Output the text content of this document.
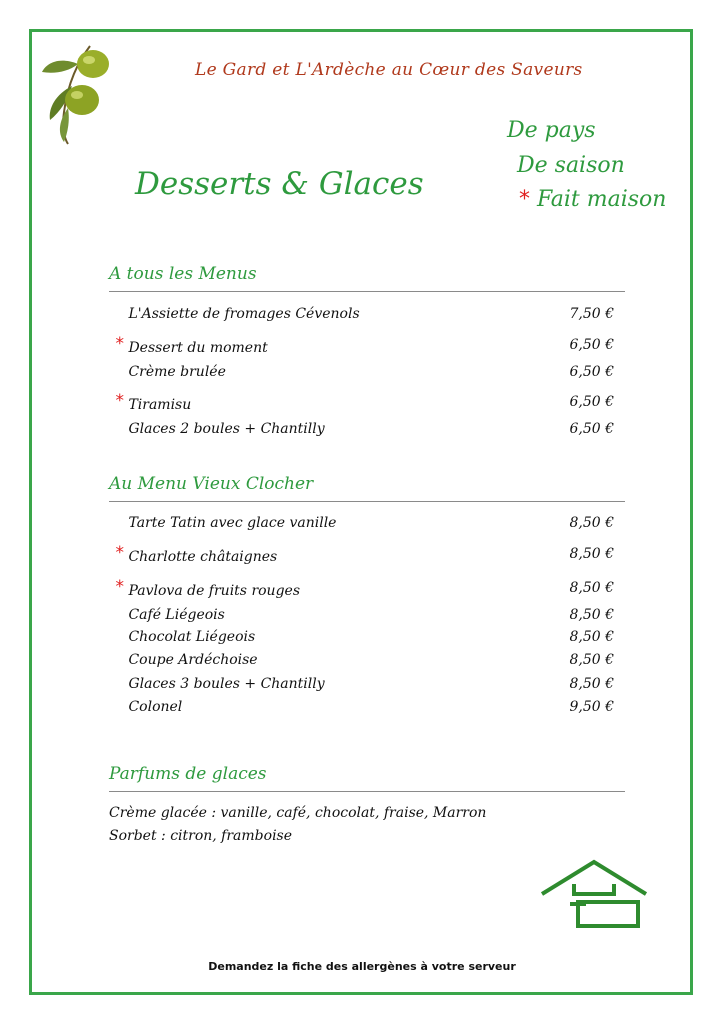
Le Gard et L'Ardèche au Cœur des Saveurs
Desserts & Glaces
De pays
De saison
* Fait maison
A tous les Menus
L'Assiette de fromages Cévenols	7,50 €
* Dessert du moment	6,50 €
Crème brulée	6,50 €
* Tiramisu	6,50 €
Glaces 2 boules + Chantilly	6,50 €
Au Menu Vieux Clocher
Tarte Tatin avec glace vanille	8,50 €
* Charlotte châtaignes	8,50 €
* Pavlova de fruits rouges	8,50 €
Café Liégeois	8,50 €
Chocolat Liégeois	8,50 €
Coupe Ardéchoise	8,50 €
Glaces 3 boules + Chantilly	8,50 €
Colonel	9,50 €
Parfums de glaces
Crème glacée : vanille, café, chocolat, fraise, Marron
Sorbet : citron, framboise
Demandez la fiche des allergènes à votre serveur
